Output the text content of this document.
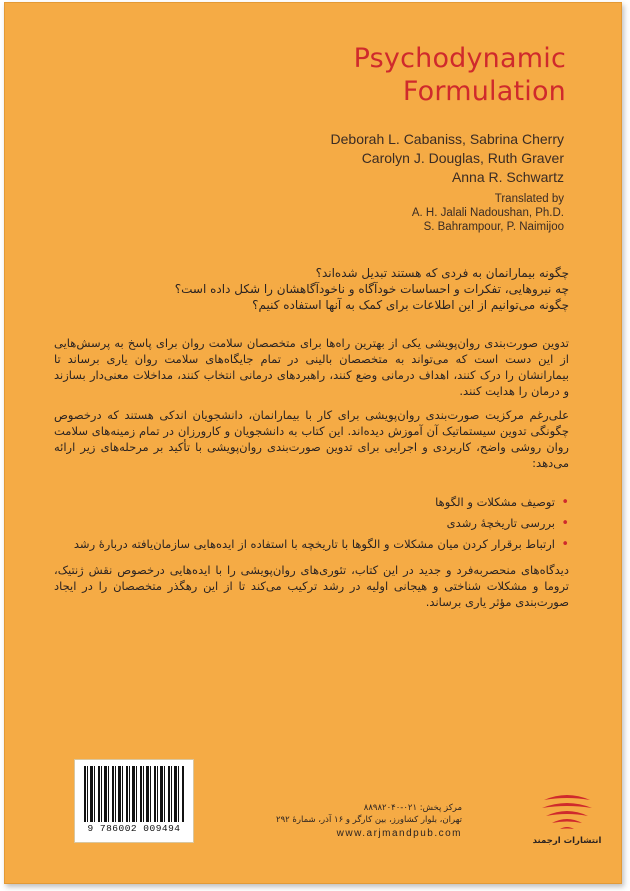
Psychodynamic
Formulation
Deborah L. Cabaniss, Sabrina Cherry
Carolyn J. Douglas, Ruth Graver
Anna R. Schwartz
Translated by
A. H. Jalali Nadoushan, Ph.D.
S. Bahrampour, P. Naimijoo
چگونه بیمارانمان به فردی که هستند تبدیل شده‌اند؟
چه نیروهایی، تفکرات و احساسات خودآگاه و ناخودآگاهشان را شکل داده است؟
چگونه می‌توانیم از این اطلاعات برای کمک به آنها استفاده کنیم؟
تدوین صورت‌بندی روان‌پویشی یکی از بهترین راه‌ها برای متخصصان سلامت روان برای پاسخ به پرسش‌هایی از این دست است که می‌تواند به متخصصان بالینی در تمام جایگاه‌های سلامت روان یاری برساند تا بیمارانشان را درک کنند، اهداف درمانی وضع کنند، راهبردهای درمانی انتخاب کنند، مداخلات معنی‌دار بسازند و درمان را هدایت کنند.
علی‌رغم مرکزیت صورت‌بندی روان‌پویشی برای کار با بیمارانمان، دانشجویان اندکی هستند که درخصوص چگونگی تدوین سیستماتیک آن آموزش دیده‌اند. این کتاب به دانشجویان و کارورزان در تمام زمینه‌های سلامت روان روشی واضح، کاربردی و اجرایی برای تدوین صورت‌بندی روان‌پویشی با تأکید بر مرحله‌های زیر ارائه می‌دهد:
• توصیف مشکلات و الگوها
• بررسی تاریخچهٔ رشدی
• ارتباط برقرار کردن میان مشکلات و الگوها با تاریخچه با استفاده از ایده‌هایی سازمان‌یافته دربارهٔ رشد
دیدگاه‌های منحصربه‌فرد و جدید در این کتاب، تئوری‌های روان‌پویشی را با ایده‌هایی درخصوص نقش ژنتیک، تروما و مشکلات شناختی و هیجانی اولیه در رشد ترکیب می‌کند تا از این رهگذر متخصصان را در ایجاد صورت‌بندی مؤثر یاری برساند.
9 786002 009494
مرکز پخش: ۰۲۱-۸۸۹۸۲۰۴۰
تهران، بلوار کشاورز، بین کارگر و ۱۶ آذر، شمارهٔ ۲۹۲
www.arjmandpub.com
انتشارات ارجمند
